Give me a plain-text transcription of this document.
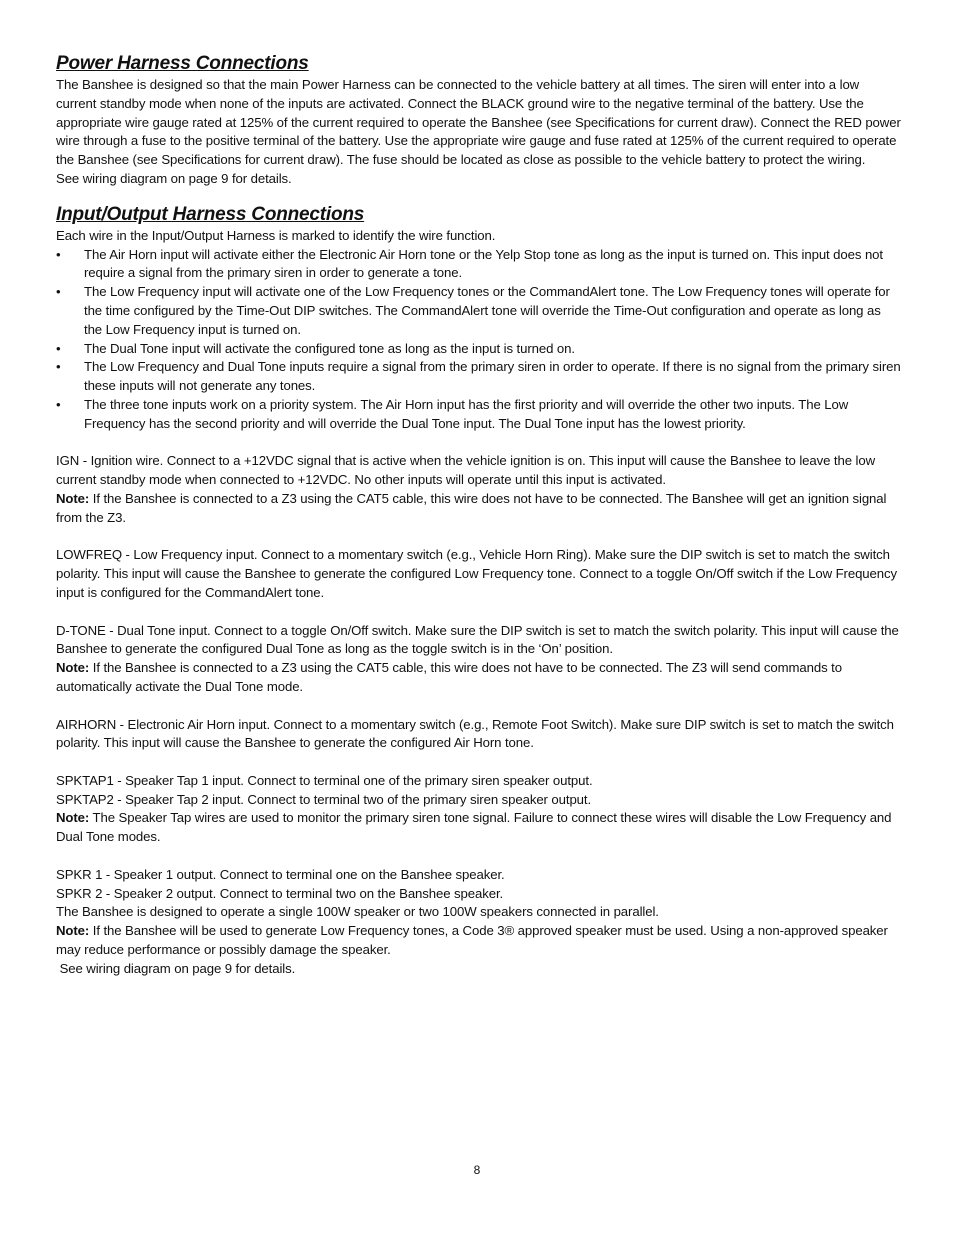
Power Harness Connections

The Banshee is designed so that the main Power Harness can be connected to the vehicle battery at all times. The siren will enter into a low current standby mode when none of the inputs are activated. Connect the BLACK ground wire to the negative terminal of the battery. Use the appropriate wire gauge rated at 125% of the current required to operate the Banshee (see Specifications for current draw). Connect the RED power wire through a fuse to the positive terminal of the battery. Use the appropriate wire gauge and fuse rated at 125% of the current required to operate the Banshee (see Specifications for current draw). The fuse should be located as close as possible to the vehicle battery to protect the wiring.

See wiring diagram on page 9 for details.

Input/Output Harness Connections

Each wire in the Input/Output Harness is marked to identify the wire function.

• The Air Horn input will activate either the Electronic Air Horn tone or the Yelp Stop tone as long as the input is turned on. This input does not require a signal from the primary siren in order to generate a tone.
• The Low Frequency input will activate one of the Low Frequency tones or the CommandAlert tone. The Low Frequency tones will operate for the time configured by the Time-Out DIP switches. The CommandAlert tone will override the Time-Out configuration and operate as long as the Low Frequency input is turned on.
• The Dual Tone input will activate the configured tone as long as the input is turned on.
• The Low Frequency and Dual Tone inputs require a signal from the primary siren in order to operate. If there is no signal from the primary siren these inputs will not generate any tones.
• The three tone inputs work on a priority system. The Air Horn input has the first priority and will override the other two inputs. The Low Frequency has the second priority and will override the Dual Tone input. The Dual Tone input has the lowest priority.

IGN - Ignition wire. Connect to a +12VDC signal that is active when the vehicle ignition is on. This input will cause the Banshee to leave the low current standby mode when connected to +12VDC. No other inputs will operate until this input is activated.

Note: If the Banshee is connected to a Z3 using the CAT5 cable, this wire does not have to be connected. The Banshee will get an ignition signal from the Z3.

LOWFREQ - Low Frequency input. Connect to a momentary switch (e.g., Vehicle Horn Ring). Make sure the DIP switch is set to match the switch polarity. This input will cause the Banshee to generate the configured Low Frequency tone. Connect to a toggle On/Off switch if the Low Frequency input is configured for the CommandAlert tone.

D-TONE - Dual Tone input. Connect to a toggle On/Off switch. Make sure the DIP switch is set to match the switch polarity. This input will cause the Banshee to generate the configured Dual Tone as long as the toggle switch is in the ‘On’ position.

Note: If the Banshee is connected to a Z3 using the CAT5 cable, this wire does not have to be connected. The Z3 will send commands to automatically activate the Dual Tone mode.

AIRHORN - Electronic Air Horn input. Connect to a momentary switch (e.g., Remote Foot Switch). Make sure DIP switch is set to match the switch polarity. This input will cause the Banshee to generate the configured Air Horn tone.

SPKTAP1 - Speaker Tap 1 input. Connect to terminal one of the primary siren speaker output.

SPKTAP2 - Speaker Tap 2 input. Connect to terminal two of the primary siren speaker output.

Note: The Speaker Tap wires are used to monitor the primary siren tone signal. Failure to connect these wires will disable the Low Frequency and Dual Tone modes.

SPKR 1 - Speaker 1 output. Connect to terminal one on the Banshee speaker.

SPKR 2 - Speaker 2 output. Connect to terminal two on the Banshee speaker.

The Banshee is designed to operate a single 100W speaker or two 100W speakers connected in parallel.

Note: If the Banshee will be used to generate Low Frequency tones, a Code 3® approved speaker must be used. Using a non-approved speaker may reduce performance or possibly damage the speaker.

See wiring diagram on page 9 for details.

8
